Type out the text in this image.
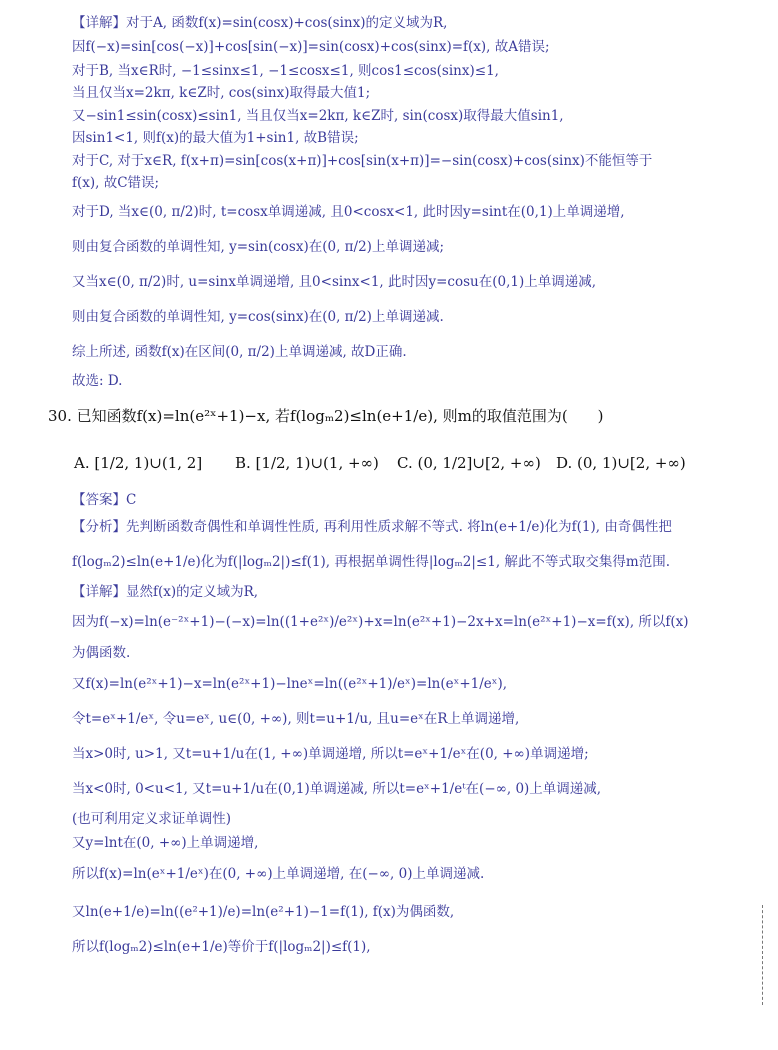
【详解】对于A, 函数f(x)=sin(cosx)+cos(sinx)的定义域为R,
因f(−x)=sin[cos(−x)]+cos[sin(−x)]=sin(cosx)+cos(sinx)=f(x), 故A错误;
对于B, 当x∈R时, −1≤sinx≤1, −1≤cosx≤1, 则cos1≤cos(sinx)≤1,
当且仅当x=2kπ, k∈Z时, cos(sinx)取得最大值1;
又−sin1≤sin(cosx)≤sin1, 当且仅当x=2kπ, k∈Z时, sin(cosx)取得最大值sin1,
因sin1<1, 则f(x)的最大值为1+sin1, 故B错误;
对于C, 对于x∈R, f(x+π)=sin[cos(x+π)]+cos[sin(x+π)]=−sin(cosx)+cos(sinx)不能恒等于
f(x), 故C错误;
对于D, 当x∈(0, π/2)时, t=cosx单调递减, 且0<cosx<1, 此时因y=sint在(0,1)上单调递增,
则由复合函数的单调性知, y=sin(cosx)在(0, π/2)上单调递减;
又当x∈(0, π/2)时, u=sinx单调递增, 且0<sinx<1, 此时因y=cosu在(0,1)上单调递减,
则由复合函数的单调性知, y=cos(sinx)在(0, π/2)上单调递减.
综上所述, 函数f(x)在区间(0, π/2)上单调递减, 故D正确.
故选: D.
30. 已知函数f(x)=ln(e²ˣ+1)−x, 若f(logₘ2)≤ln(e+1/e), 则m的取值范围为(　　)
A. [1/2, 1)∪(1, 2] B. [1/2, 1)∪(1, +∞) C. (0, 1/2]∪[2, +∞) D. (0, 1)∪[2, +∞)
【答案】C
【分析】先判断函数奇偶性和单调性性质, 再利用性质求解不等式. 将ln(e+1/e)化为f(1), 由奇偶性把
f(logₘ2)≤ln(e+1/e)化为f(|logₘ2|)≤f(1), 再根据单调性得|logₘ2|≤1, 解此不等式取交集得m范围.
【详解】显然f(x)的定义域为R,
因为f(−x)=ln(e⁻²ˣ+1)−(−x)=ln((1+e²ˣ)/e²ˣ)+x=ln(e²ˣ+1)−2x+x=ln(e²ˣ+1)−x=f(x), 所以f(x)
为偶函数.
又f(x)=ln(e²ˣ+1)−x=ln(e²ˣ+1)−lneˣ=ln((e²ˣ+1)/eˣ)=ln(eˣ+1/eˣ),
令t=eˣ+1/eˣ, 令u=eˣ, u∈(0, +∞), 则t=u+1/u, 且u=eˣ在R上单调递增,
当x>0时, u>1, 又t=u+1/u在(1, +∞)单调递增, 所以t=eˣ+1/eˣ在(0, +∞)单调递增;
当x<0时, 0<u<1, 又t=u+1/u在(0,1)单调递减, 所以t=eˣ+1/eᵗ在(−∞, 0)上单调递减,
(也可利用定义求证单调性)
又y=lnt在(0, +∞)上单调递增,
所以f(x)=ln(eˣ+1/eˣ)在(0, +∞)上单调递增, 在(−∞, 0)上单调递减.
又ln(e+1/e)=ln((e²+1)/e)=ln(e²+1)−1=f(1), f(x)为偶函数,
所以f(logₘ2)≤ln(e+1/e)等价于f(|logₘ2|)≤f(1),
